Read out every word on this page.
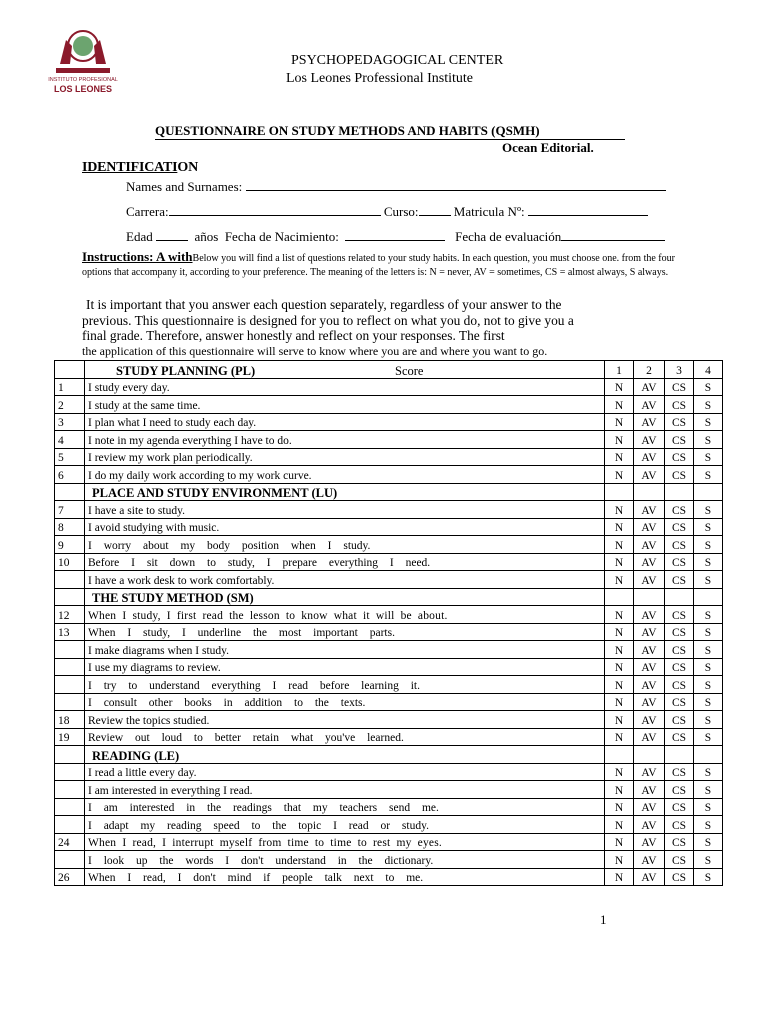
INSTITUTO PROFESIONAL
LOS LEONES
PSYCHOPEDAGOGICAL CENTER
Los Leones Professional Institute
QUESTIONNAIRE ON STUDY METHODS AND HABITS (QSMH)
Ocean Editorial.
IDENTIFICATION
Names and Surnames:
Carrera:	Curso:	Matricula Nº:
Edad	años Fecha de Nacimiento:	Fecha de evaluación
Instructions: A withBelow you will find a list of questions related to your study habits. In each question, you must choose one. from the four options that accompany it, according to your preference. The meaning of the letters is: N = never, AV = sometimes, CS = almost always, S always.
It is important that you answer each question separately, regardless of your answer to the
previous. This questionnaire is designed for you to reflect on what you do, not to give you a
final grade. Therefore, answer honestly and reflect on your responses. The first
the application of this questionnaire will serve to know where you are and where you want to go.
	STUDY PLANNING (PL) Score	1	2	3	4
1	I study every day.	N	AV	CS	S
2	I study at the same time.	N	AV	CS	S
3	I plan what I need to study each day.	N	AV	CS	S
4	I note in my agenda everything I have to do.	N	AV	CS	S
5	I review my work plan periodically.	N	AV	CS	S
6	I do my daily work according to my work curve.	N	AV	CS	S
	PLACE AND STUDY ENVIRONMENT (LU)				
7	I have a site to study.	N	AV	CS	S
8	I avoid studying with music.	N	AV	CS	S
9	I worry about my body position when I study.	N	AV	CS	S
10	Before I sit down to study, I prepare everything I need.	N	AV	CS	S
	I have a work desk to work comfortably.	N	AV	CS	S
	THE STUDY METHOD (SM)				
12	When I study, I first read the lesson to know what it will be about.	N	AV	CS	S
13	When I study, I underline the most important parts.	N	AV	CS	S
	I make diagrams when I study.	N	AV	CS	S
	I use my diagrams to review.	N	AV	CS	S
	I try to understand everything I read before learning it.	N	AV	CS	S
	I consult other books in addition to the texts.	N	AV	CS	S
18	Review the topics studied.	N	AV	CS	S
19	Review out loud to better retain what you've learned.	N	AV	CS	S
	READING (LE)				
	I read a little every day.	N	AV	CS	S
	I am interested in everything I read.	N	AV	CS	S
	I am interested in the readings that my teachers send me.	N	AV	CS	S
	I adapt my reading speed to the topic I read or study.	N	AV	CS	S
24	When I read, I interrupt myself from time to time to rest my eyes.	N	AV	CS	S
	I look up the words I don't understand in the dictionary.	N	AV	CS	S
26	When I read, I don't mind if people talk next to me.	N	AV	CS	S
1
